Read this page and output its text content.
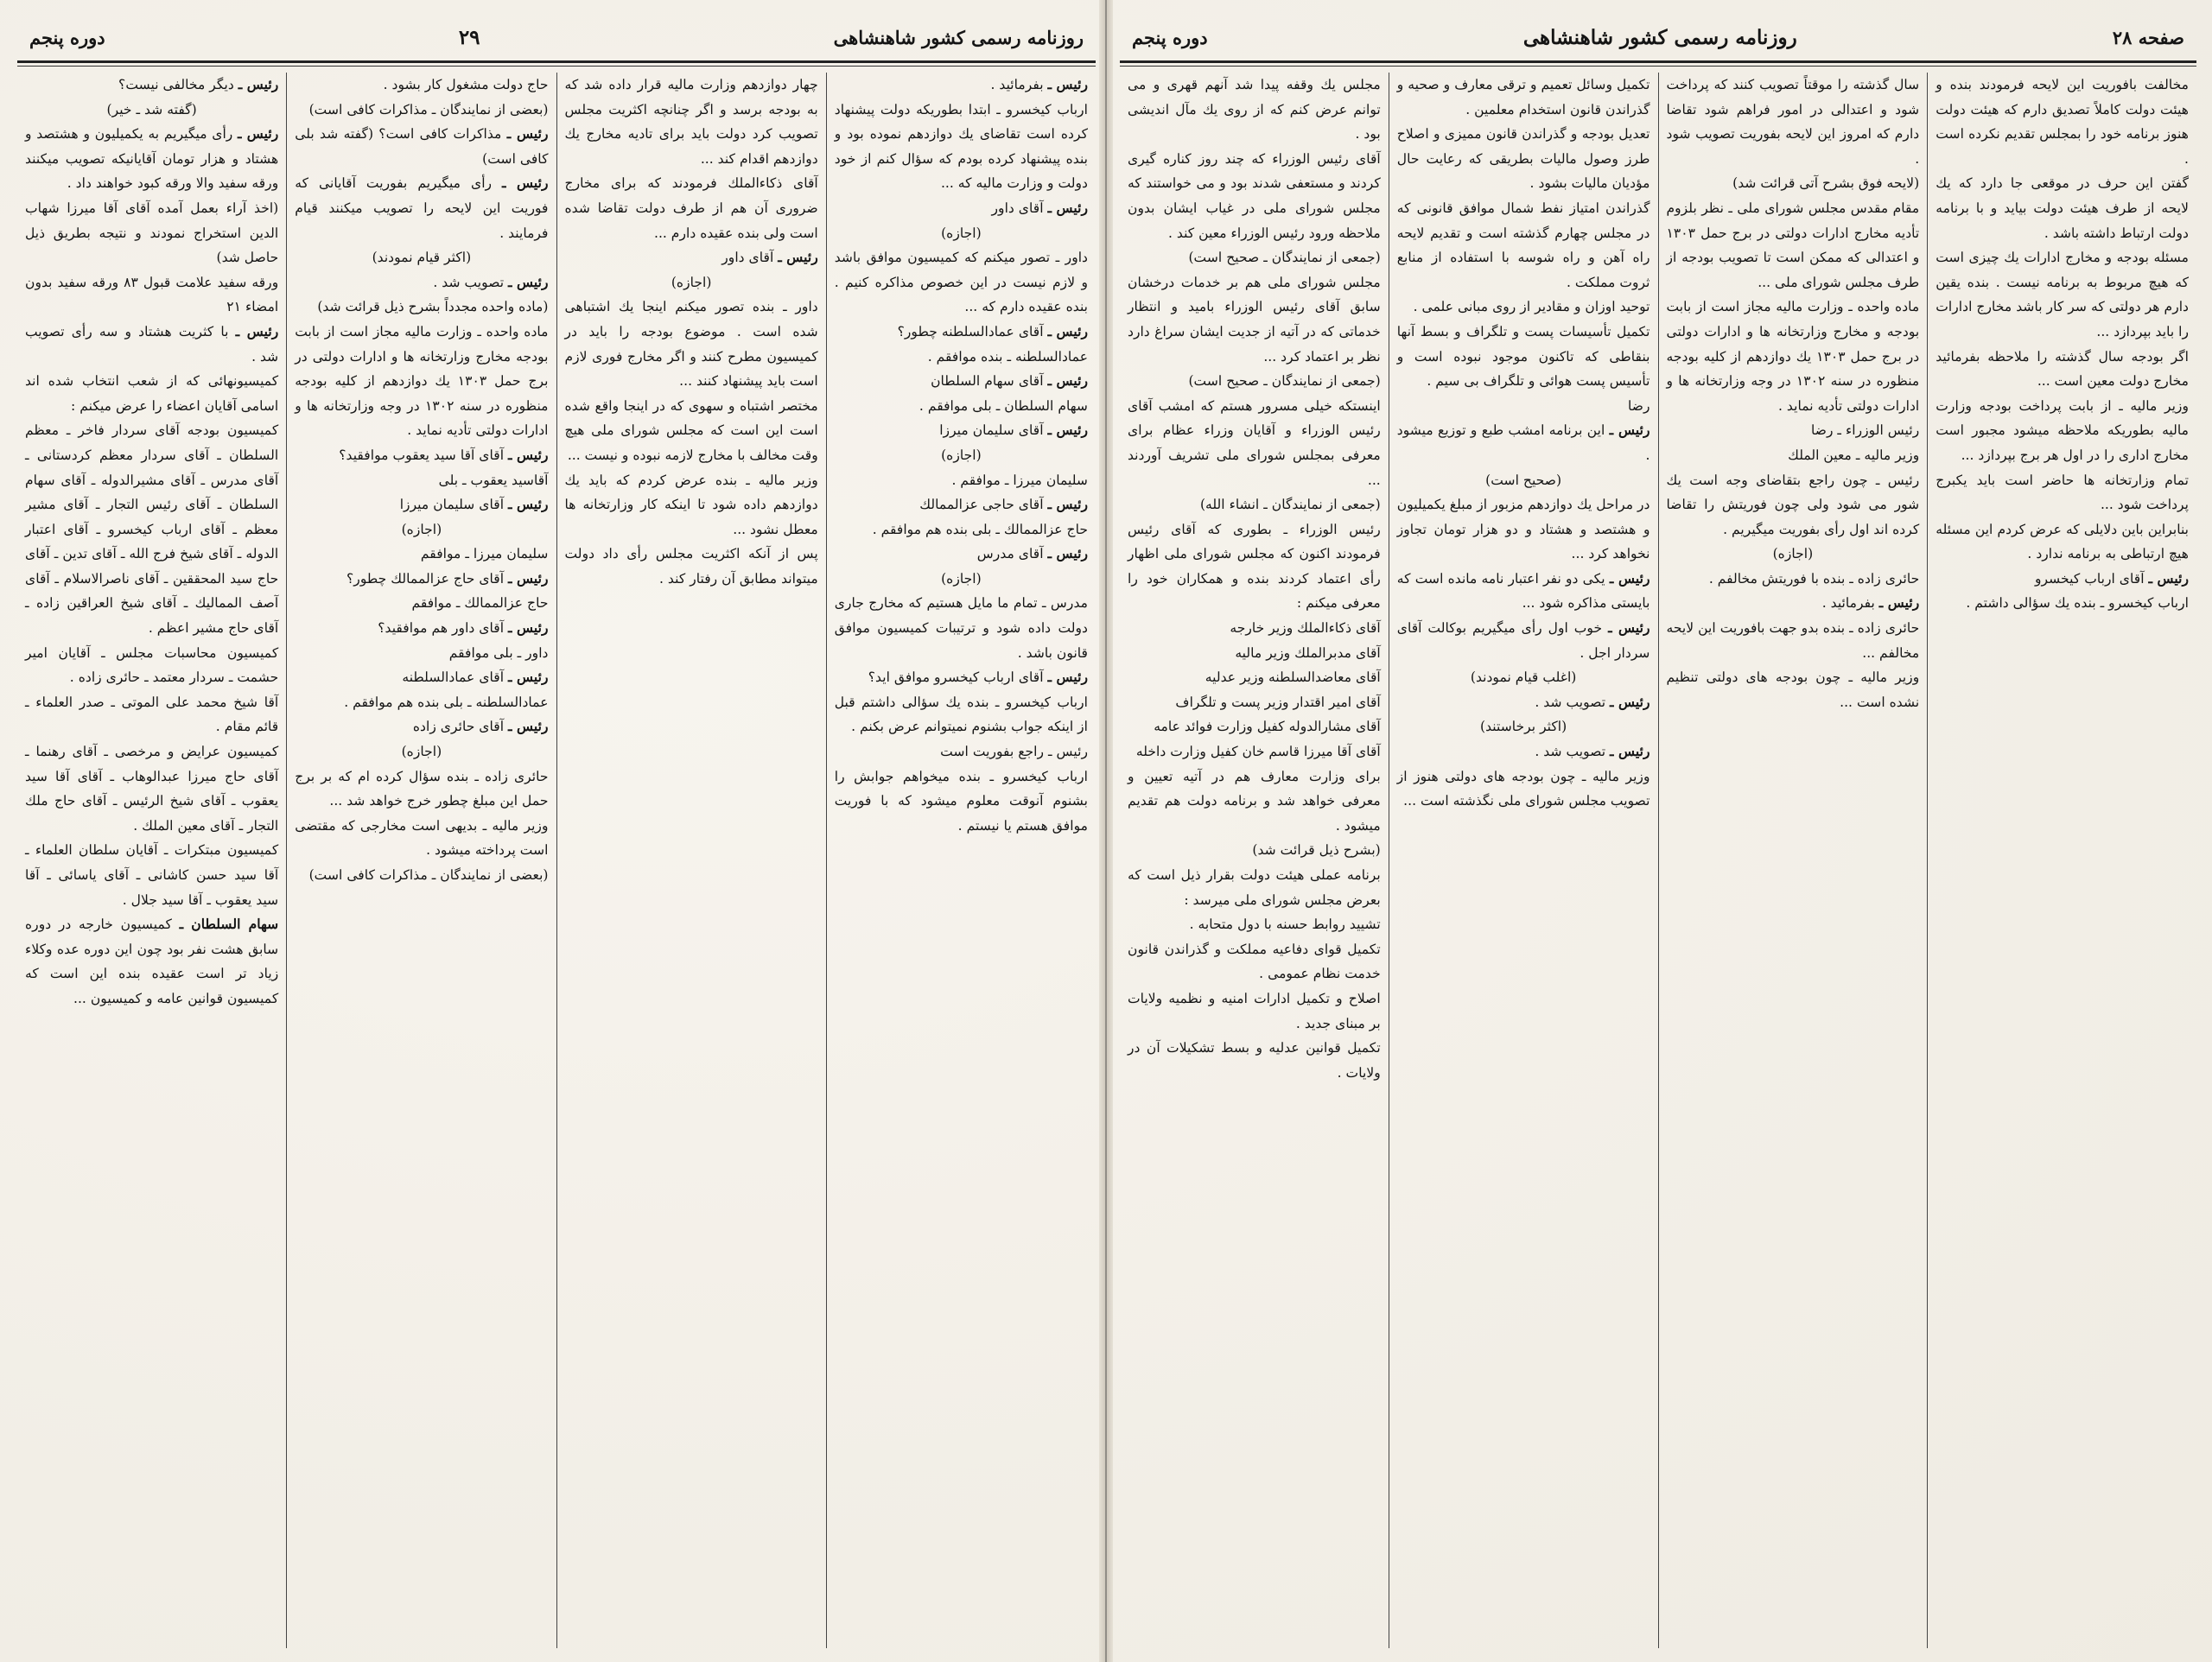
روزنامه رسمی کشور شاهنشاهی
۲۹
دوره پنجم

رئیس ـ بفرمائید .

ارباب کیخسرو ـ ابتدا بطوریکه دولت پیشنهاد کرده است تقاضای یك دوازدهم نموده بود و بنده پیشنهاد کرده بودم که سؤال کنم از خود دولت و وزارت مالیه که ...

رئیس ـ آقای داور

(اجازه)

داور ـ تصور میکنم که کمیسیون موافق باشد و لازم نیست در این خصوص مذاکره کنیم . بنده عقیده دارم که ...

رئیس ـ آقای عمادالسلطنه چطور؟

عمادالسلطنه ـ بنده موافقم .

رئیس ـ آقای سهام السلطان

سهام السلطان ـ بلی موافقم .

رئیس ـ آقای سلیمان میرزا

(اجازه)

سلیمان میرزا ـ موافقم .

رئیس ـ آقای حاجی عزالممالك

حاج عزالممالك ـ بلی بنده هم موافقم .

رئیس ـ آقای مدرس

(اجازه)

مدرس ـ تمام ما مایل هستیم که مخارج جاری دولت داده شود و ترتیبات کمیسیون موافق قانون باشد .

رئیس ـ آقای ارباب کیخسرو موافق اید؟

ارباب کیخسرو ـ بنده یك سؤالی داشتم قبل از اینکه جواب بشنوم نمیتوانم عرض بکنم .

رئیس ـ راجع بفوریت است

ارباب کیخسرو ـ بنده میخواهم جوابش را بشنوم آنوقت معلوم میشود که با فوریت موافق هستم یا نیستم .

چهار دوازدهم وزارت مالیه قرار داده شد که به بودجه برسد و اگر چنانچه اکثریت مجلس تصویب کرد دولت باید برای تادیه مخارج یك دوازدهم اقدام کند ...

آقای ذکاءالملك فرمودند که برای مخارج ضروری آن هم از طرف دولت تقاضا شده است ولی بنده عقیده دارم ...

رئیس ـ آقای داور

(اجازه)

داور ـ بنده تصور میکنم اینجا یك اشتباهی شده است . موضوع بودجه را باید در کمیسیون مطرح کنند و اگر مخارج فوری لازم است باید پیشنهاد کنند ...

مختصر اشتباه و سهوی که در اینجا واقع شده است این است که مجلس شورای ملی هیچ وقت مخالف با مخارج لازمه نبوده و نیست ...

وزیر مالیه ـ بنده عرض کردم که باید یك دوازدهم داده شود تا اینکه کار وزارتخانه ها معطل نشود ...

پس از آنکه اکثریت مجلس رأی داد دولت میتواند مطابق آن رفتار کند .

حاج دولت مشغول کار بشود .

(بعضی از نمایندگان ـ مذاکرات کافی است)

رئیس ـ مذاکرات کافی است؟ (گفته شد بلی کافی است)

رئیس ـ رأی میگیریم بفوریت آقایانی که فوریت این لایحه را تصویب میکنند قیام فرمایند .

(اکثر قیام نمودند)

رئیس ـ تصویب شد .

(ماده واحده مجدداً بشرح ذیل قرائت شد)

ماده واحده ـ وزارت مالیه مجاز است از بابت بودجه مخارج وزارتخانه ها و ادارات دولتی در برج حمل ۱۳۰۳ یك دوازدهم از کلیه بودجه منظوره در سنه ۱۳۰۲ در وجه وزارتخانه ها و ادارات دولتی تأدیه نماید .

رئیس ـ آقای آقا سید یعقوب موافقید؟

آقاسید یعقوب ـ بلی

رئیس ـ آقای سلیمان میرزا

(اجازه)

سلیمان میرزا ـ موافقم

رئیس ـ آقای حاج عزالممالك چطور؟

حاج عزالممالك ـ موافقم

رئیس ـ آقای داور هم موافقید؟

داور ـ بلی موافقم

رئیس ـ آقای عمادالسلطنه

عمادالسلطنه ـ بلی بنده هم موافقم .

رئیس ـ آقای حائری زاده

(اجازه)

حائری زاده ـ بنده سؤال کرده ام که بر برج حمل این مبلغ چطور خرج خواهد شد ...

وزیر مالیه ـ بدیهی است مخارجی که مقتضی است پرداخته میشود .

(بعضی از نمایندگان ـ مذاکرات کافی است)

رئیس ـ دیگر مخالفی نیست؟

(گفته شد ـ خیر)

رئیس ـ رأی میگیریم به یکمیلیون و هشتصد و هشتاد و هزار تومان آقایانیکه تصویب میکنند ورقه سفید والا ورقه کبود خواهند داد .

(اخذ آراء بعمل آمده آقای آقا میرزا شهاب الدین استخراج نمودند و نتیجه بطریق ذیل حاصل شد)

ورقه سفید علامت قبول ۸۳ ورقه سفید بدون امضاء ۲۱

رئیس ـ با کثریت هشتاد و سه رأی تصویب شد .

کمیسیونهائی که از شعب انتخاب شده اند اسامی آقایان اعضاء را عرض میکنم :

کمیسیون بودجه آقای سردار فاخر ـ معظم السلطان ـ آقای سردار معظم کردستانی ـ آقای مدرس ـ آقای مشیرالدوله ـ آقای سهام السلطان ـ آقای رئیس التجار ـ آقای مشیر معظم ـ آقای ارباب کیخسرو ـ آقای اعتبار الدوله ـ آقای شیخ فرج الله ـ آقای تدین ـ آقای حاج سید المحققین ـ آقای ناصرالاسلام ـ آقای آصف المماليك ـ آقای شیخ العراقین زاده ـ آقای حاج مشیر اعظم .

کمیسیون محاسبات مجلس ـ آقایان امیر حشمت ـ سردار معتمد ـ حائری زاده .

آقا شیخ محمد علی الموتی ـ صدر العلماء ـ قائم مقام .

کمیسیون عرایض و مرخصی ـ آقای رهنما ـ آقای حاج میرزا عبدالوهاب ـ آقای آقا سید یعقوب ـ آقای شیخ الرئیس ـ آقای حاج ملك التجار ـ آقای معین الملك .

کمیسیون مبتکرات ـ آقایان سلطان العلماء ـ آقا سید حسن کاشانی ـ آقای یاسائی ـ آقا سید یعقوب ـ آقا سید جلال .

سهام السلطان ـ کمیسیون خارجه در دوره سابق هشت نفر بود چون این دوره عده وکلاء زیاد تر است عقیده بنده این است که کمیسیون قوانین عامه و کمیسیون ...

صفحه ۲۸
روزنامه رسمی کشور شاهنشاهی
دوره پنجم

مخالفت بافوریت این لایحه فرمودند بنده و هیئت دولت کاملاً تصدیق دارم که هیئت دولت هنوز برنامه خود را بمجلس تقدیم نکرده است .

گفتن این حرف در موقعی جا دارد که یك لایحه از طرف هیئت دولت بیاید و با برنامه دولت ارتباط داشته باشد .

مسئله بودجه و مخارج ادارات یك چیزی است که هیچ مربوط به برنامه نیست . بنده یقین دارم هر دولتی که سر کار باشد مخارج ادارات را باید بپردازد ...

اگر بودجه سال گذشته را ملاحظه بفرمائید مخارج دولت معین است ...

وزیر مالیه ـ از بابت پرداخت بودجه وزارت مالیه بطوریکه ملاحظه میشود مجبور است مخارج اداری را در اول هر برج بپردازد ...

تمام وزارتخانه ها حاضر است باید یکبرج پرداخت شود ...

بنابراین باین دلایلی که عرض کردم این مسئله هیچ ارتباطی به برنامه ندارد .

رئیس ـ آقای ارباب کیخسرو

ارباب کیخسرو ـ بنده یك سؤالی داشتم .

سال گذشته را موقتاً تصویب کنند که پرداخت شود و اعتدالی در امور فراهم شود تقاضا دارم که امروز این لایحه بفوریت تصویب شود .

(لایحه فوق بشرح آتی قرائت شد)

مقام مقدس مجلس شورای ملی ـ نظر بلزوم تأدیه مخارج ادارات دولتی در برج حمل ۱۳۰۳ و اعتدالی که ممکن است تا تصویب بودجه از طرف مجلس شورای ملی ...

ماده واحده ـ وزارت مالیه مجاز است از بابت بودجه و مخارج وزارتخانه ها و ادارات دولتی در برج حمل ۱۳۰۳ یك دوازدهم از کلیه بودجه منظوره در سنه ۱۳۰۲ در وجه وزارتخانه ها و ادارات دولتی تأدیه نماید .

رئیس الوزراء ـ رضا

وزیر مالیه ـ معین الملك

رئیس ـ چون راجع بتقاضای وجه است یك شور می شود ولی چون فوریتش را تقاضا کرده اند اول رأی بفوریت میگیریم .

(اجازه)

حائری زاده ـ بنده با فوریتش مخالفم .

رئیس ـ بفرمائید .

حائری زاده ـ بنده بدو جهت بافوریت این لایحه مخالفم ...

وزیر مالیه ـ چون بودجه های دولتی تنظیم نشده است ...

تکمیل وسائل تعمیم و ترقی معارف و صحیه و گذراندن قانون استخدام معلمین .

تعدیل بودجه و گذراندن قانون ممیزی و اصلاح طرز وصول مالیات بطریقی که رعایت حال مؤدیان مالیات بشود .

گذراندن امتیاز نفط شمال موافق قانونی که در مجلس چهارم گذشته است و تقدیم لایحه راه آهن و راه شوسه با استفاده از منابع ثروت مملکت .

توحید اوزان و مقادیر از روی مبانی علمی .

تکمیل تأسیسات پست و تلگراف و بسط آنها بنقاطی که تاکنون موجود نبوده است و تأسیس پست هوائی و تلگراف بی سیم .

رضا

رئیس ـ این برنامه امشب طبع و توزیع میشود .

(صحیح است)

در مراحل یك دوازدهم مزبور از مبلغ یکمیلیون و هشتصد و هشتاد و دو هزار تومان تجاوز نخواهد کرد ...

رئیس ـ یکی دو نفر اعتبار نامه مانده است که بایستی مذاکره شود ...

رئیس ـ خوب اول رأی میگیریم بوکالت آقای سردار اجل .

(اغلب قیام نمودند)

رئیس ـ تصویب شد .

(اکثر برخاستند)

رئیس ـ تصویب شد .

وزیر مالیه ـ چون بودجه های دولتی هنوز از تصویب مجلس شورای ملی نگذشته است ...

مجلس یك وقفه پیدا شد آنهم قهری و می توانم عرض کنم که از روی یك مآل اندیشی بود .

آقای رئیس الوزراء که چند روز کناره گیری کردند و مستعفی شدند بود و می خواستند که مجلس شورای ملی در غیاب ایشان بدون ملاحظه ورود رئیس الوزراء معین کند .

(جمعی از نمایندگان ـ صحیح است)

مجلس شورای ملی هم بر خدمات درخشان سابق آقای رئیس الوزراء بامید و انتظار خدماتی که در آتیه از جدیت ایشان سراغ دارد نظر بر اعتماد کرد ...

(جمعی از نمایندگان ـ صحیح است)

اینستکه خیلی مسرور هستم که امشب آقای رئیس الوزراء و آقایان وزراء عظام برای معرفی بمجلس شورای ملی تشریف آوردند ...

(جمعی از نمایندگان ـ انشاء الله)

رئیس الوزراء ـ بطوری که آقای رئیس فرمودند اکنون که مجلس شورای ملی اظهار رأی اعتماد کردند بنده و همکاران خود را معرفی میکنم :

آقای ذکاءالملك وزیر خارجه

آقای مدبرالملك وزیر مالیه

آقای معاضدالسلطنه وزیر عدلیه

آقای امیر اقتدار وزیر پست و تلگراف

آقای مشارالدوله کفیل وزارت فوائد عامه

آقای آقا میرزا قاسم خان کفیل وزارت داخله

برای وزارت معارف هم در آتیه تعیین و معرفی خواهد شد و برنامه دولت هم تقدیم میشود .

(بشرح ذیل قرائت شد)

برنامه عملی هیئت دولت بقرار ذیل است که بعرض مجلس شورای ملی میرسد :

تشیید روابط حسنه با دول متحابه .

تکمیل قوای دفاعیه مملکت و گذراندن قانون خدمت نظام عمومی .

اصلاح و تکمیل ادارات امنیه و نظمیه ولایات بر مبنای جدید .

تکمیل قوانین عدلیه و بسط تشکیلات آن در ولایات .
